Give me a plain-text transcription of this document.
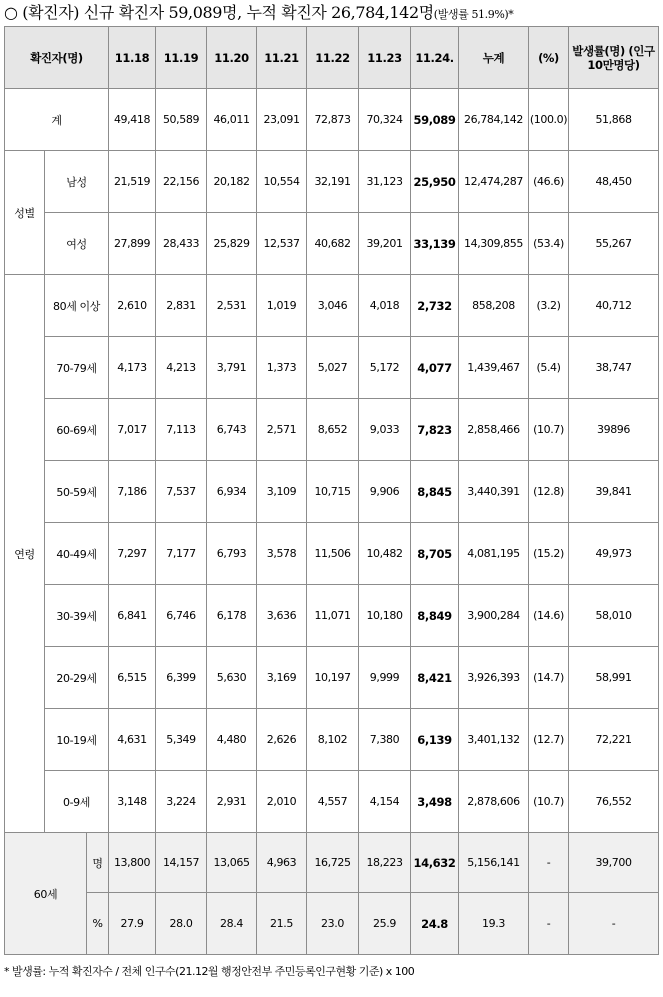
○ (확진자) 신규 확진자 59,089명, 누적 확진자 26,784,142명(발생률 51.9%)*
확진자(명)			11.18	11.19	11.20	11.21	11.22	11.23	11.24.	누계	(%)	발생률(명) (인구 10만명당)
계			49,418	50,589	46,011	23,091	72,873	70,324	59,089	26,784,142	(100.0)	51,868
성별	남성		21,519	22,156	20,182	10,554	32,191	31,123	25,950	12,474,287	(46.6)	48,450
	여성		27,899	28,433	25,829	12,537	40,682	39,201	33,139	14,309,855	(53.4)	55,267
연령	80세 이상		2,610	2,831	2,531	1,019	3,046	4,018	2,732	858,208	(3.2)	40,712
	70-79세		4,173	4,213	3,791	1,373	5,027	5,172	4,077	1,439,467	(5.4)	38,747
	60-69세		7,017	7,113	6,743	2,571	8,652	9,033	7,823	2,858,466	(10.7)	39896
	50-59세		7,186	7,537	6,934	3,109	10,715	9,906	8,845	3,440,391	(12.8)	39,841
	40-49세		7,297	7,177	6,793	3,578	11,506	10,482	8,705	4,081,195	(15.2)	49,973
	30-39세		6,841	6,746	6,178	3,636	11,071	10,180	8,849	3,900,284	(14.6)	58,010
	20-29세		6,515	6,399	5,630	3,169	10,197	9,999	8,421	3,926,393	(14.7)	58,991
	10-19세		4,631	5,349	4,480	2,626	8,102	7,380	6,139	3,401,132	(12.7)	72,221
	0-9세		3,148	3,224	2,931	2,010	4,557	4,154	3,498	2,878,606	(10.7)	76,552
60세		명	13,800	14,157	13,065	4,963	16,725	18,223	14,632	5,156,141	-	39,700
		%	27.9	28.0	28.4	21.5	23.0	25.9	24.8	19.3	-	-
* 발생률: 누적 확진자수 / 전체 인구수(21.12월 행정안전부 주민등록인구현황 기준) x 100
